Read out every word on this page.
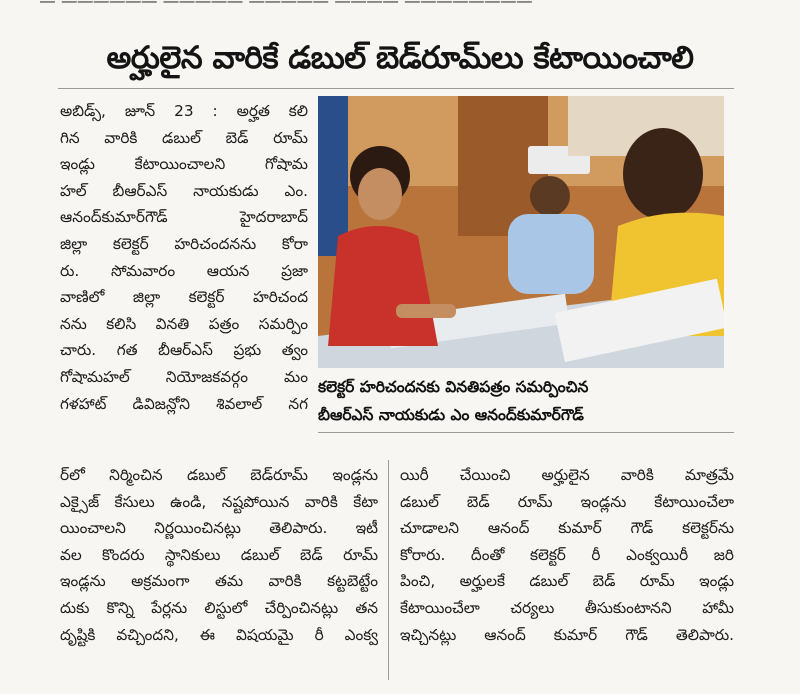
― ―――――― ――――― ――――― ―――― ――――――――
అర్హులైన వారికే డబుల్ బెడ్‌రూమ్‌లు కేటాయించాలి
అబిడ్స్, జూన్ 23 : అర్హత కలి
గిన వారికి డబుల్ బెడ్ రూమ్
ఇండ్లు కేటాయించాలని గోషామ
హల్ బీఆర్ఎస్ నాయకుడు ఎం.
ఆనంద్‌కుమార్‌గౌడ్ హైదరాబాద్
జిల్లా కలెక్టర్ హరిచందనను కోరా
రు. సోమవారం ఆయన ప్రజా
వాణిలో జిల్లా కలెక్టర్ హరిచంద
నను కలిసి వినతి పత్రం సమర్పిం
చారు. గత బీఆర్ఎస్ ప్రభు త్వం
గోషామహల్ నియోజకవర్గం మం
గళహాట్ డివిజన్లోని శివలాల్ నగ
కలెక్టర్ హరిచందనకు వినతిపత్రం సమర్పించిన
బీఆర్ఎస్ నాయకుడు ఎం ఆనంద్‌కుమార్‌గౌడ్
ర్‌లో నిర్మించిన డబుల్ బెడ్‌రూమ్ ఇండ్లను
ఎక్సైజ్ కేసులు ఉండి, నష్టపోయిన వారికి కేటా
యించాలని నిర్ణయించినట్లు తెలిపారు. ఇటీ
వల కొందరు స్థానికులు డబుల్ బెడ్ రూమ్
ఇండ్లను అక్రమంగా తమ వారికి కట్టబెట్టేం
దుకు కొన్ని పేర్లను లిస్టులో చేర్పించినట్లు తన
దృష్టికి వచ్చిందని, ఈ విషయమై రీ ఎంక్వ
యిరీ చేయించి అర్హులైన వారికి మాత్రమే
డబుల్ బెడ్ రూమ్ ఇండ్లను కేటాయించేలా
చూడాలని ఆనంద్ కుమార్ గౌడ్ కలెక్టర్‌ను
కోరారు. దీంతో కలెక్టర్ రీ ఎంక్వయిరీ జరి
పించి, అర్హులకే డబుల్ బెడ్ రూమ్ ఇండ్లు
కేటాయించేలా చర్యలు తీసుకుంటానని హామీ
ఇచ్చినట్లు ఆనంద్ కుమార్ గౌడ్ తెలిపారు.
